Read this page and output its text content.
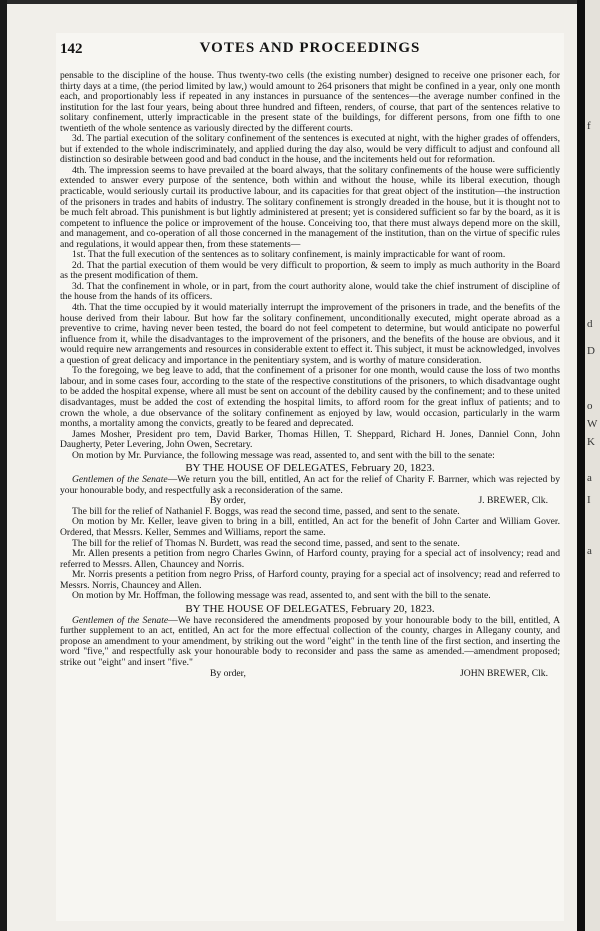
f
d
D
o
W
K
a
I
a
142	VOTES AND PROCEEDINGS

pensable to the discipline of the house. Thus twenty-two cells (the existing number) designed to receive one prisoner each, for thirty days at a time, (the period limited by law,) would amount to 264 prisoners that might be confined in a year, only one month each, and proportionably less if repeated in any instances in pursuance of the sentences—the average number confined in the institution for the last four years, being about three hundred and fifteen, renders, of course, that part of the sentences relative to solitary confinement, utterly impracticable in the present state of the buildings, for different persons, from one fifth to one twentieth of the whole sentence as variously directed by the different courts.

3d. The partial execution of the solitary confinement of the sentences is executed at night, with the higher grades of offenders, but if extended to the whole indiscriminately, and applied during the day also, would be very difficult to adjust and confound all distinction so desirable between good and bad conduct in the house, and the incitements held out for reformation.

4th. The impression seems to have prevailed at the board always, that the solitary confinements of the house were sufficiently extended to answer every purpose of the sentence, both within and without the house, while its liberal execution, though practicable, would seriously curtail its productive labour, and its capacities for that great object of the institution—the instruction of the prisoners in trades and habits of industry. The solitary confinement is strongly dreaded in the house, but it is thought not to be much felt abroad. This punishment is but lightly administered at present; yet is considered sufficient so far by the board, as it is competent to influence the police or improvement of the house. Conceiving too, that there must always depend more on the skill, and management, and co-operation of all those concerned in the management of the institution, than on the virtue of specific rules and regulations, it would appear then, from these statements—

1st. That the full execution of the sentences as to solitary confinement, is mainly impracticable for want of room.

2d. That the partial execution of them would be very difficult to proportion, & seem to imply as much authority in the Board as the present modification of them.

3d. That the confinement in whole, or in part, from the court authority alone, would take the chief instrument of discipline of the house from the hands of its officers.

4th. That the time occupied by it would materially interrupt the improvement of the prisoners in trade, and the benefits of the house derived from their labour. But how far the solitary confinement, unconditionally executed, might operate abroad as a preventive to crime, having never been tested, the board do not feel competent to determine, but would anticipate no powerful influence from it, while the disadvantages to the improvement of the prisoners, and the benefits of the house are obvious, and it would require new arrangements and resources in considerable extent to effect it. This subject, it must be acknowledged, involves a question of great delicacy and importance in the penitentiary system, and is worthy of mature consideration.

To the foregoing, we beg leave to add, that the confinement of a prisoner for one month, would cause the loss of two months labour, and in some cases four, according to the state of the respective constitutions of the prisoners, to which disadvantage ought to be added the hospital expense, where all must be sent on account of the debility caused by the confinement; and to these united disadvantages, must be added the cost of extending the hospital limits, to afford room for the great influx of patients; and to crown the whole, a due observance of the solitary confinement as enjoyed by law, would occasion, particularly in the warm months, a mortality among the convicts, greatly to be feared and deprecated.

James Mosher, President pro tem, David Barker, Thomas Hillen, T. Sheppard, Richard H. Jones, Danniel Conn, John Daugherty, Peter Levering, John Owen, Secretary.

On motion by Mr. Purviance, the following message was read, assented to, and sent with the bill to the senate:

BY THE HOUSE OF DELEGATES, February 20, 1823.

Gentlemen of the Senate—We return you the bill, entitled, An act for the relief of Charity F. Barrner, which was rejected by your honourable body, and respectfully ask a reconsideration of the same.

By order,	J. BREWER, Clk.

The bill for the relief of Nathaniel F. Boggs, was read the second time, passed, and sent to the senate.

On motion by Mr. Keller, leave given to bring in a bill, entitled, An act for the benefit of John Carter and William Gover. Ordered, that Messrs. Keller, Semmes and Williams, report the same.

The bill for the relief of Thomas N. Burdett, was read the second time, passed, and sent to the senate.

Mr. Allen presents a petition from negro Charles Gwinn, of Harford county, praying for a special act of insolvency; read and referred to Messrs. Allen, Chauncey and Norris.

Mr. Norris presents a petition from negro Priss, of Harford county, praying for a special act of insolvency; read and referred to Messrs. Norris, Chauncey and Allen.

On motion by Mr. Hoffman, the following message was read, assented to, and sent with the bill to the senate.

BY THE HOUSE OF DELEGATES, February 20, 1823.

Gentlemen of the Senate—We have reconsidered the amendments proposed by your honourable body to the bill, entitled, A further supplement to an act, entitled, An act for the more effectual collection of the county, charges in Allegany county, and propose an amendment to your amendment, by striking out the word "eight" in the tenth line of the first section, and inserting the word "five," and respectfully ask your honourable body to reconsider and pass the same as amended.—amendment proposed; strike out "eight" and insert "five."

By order,	JOHN BREWER, Clk.
